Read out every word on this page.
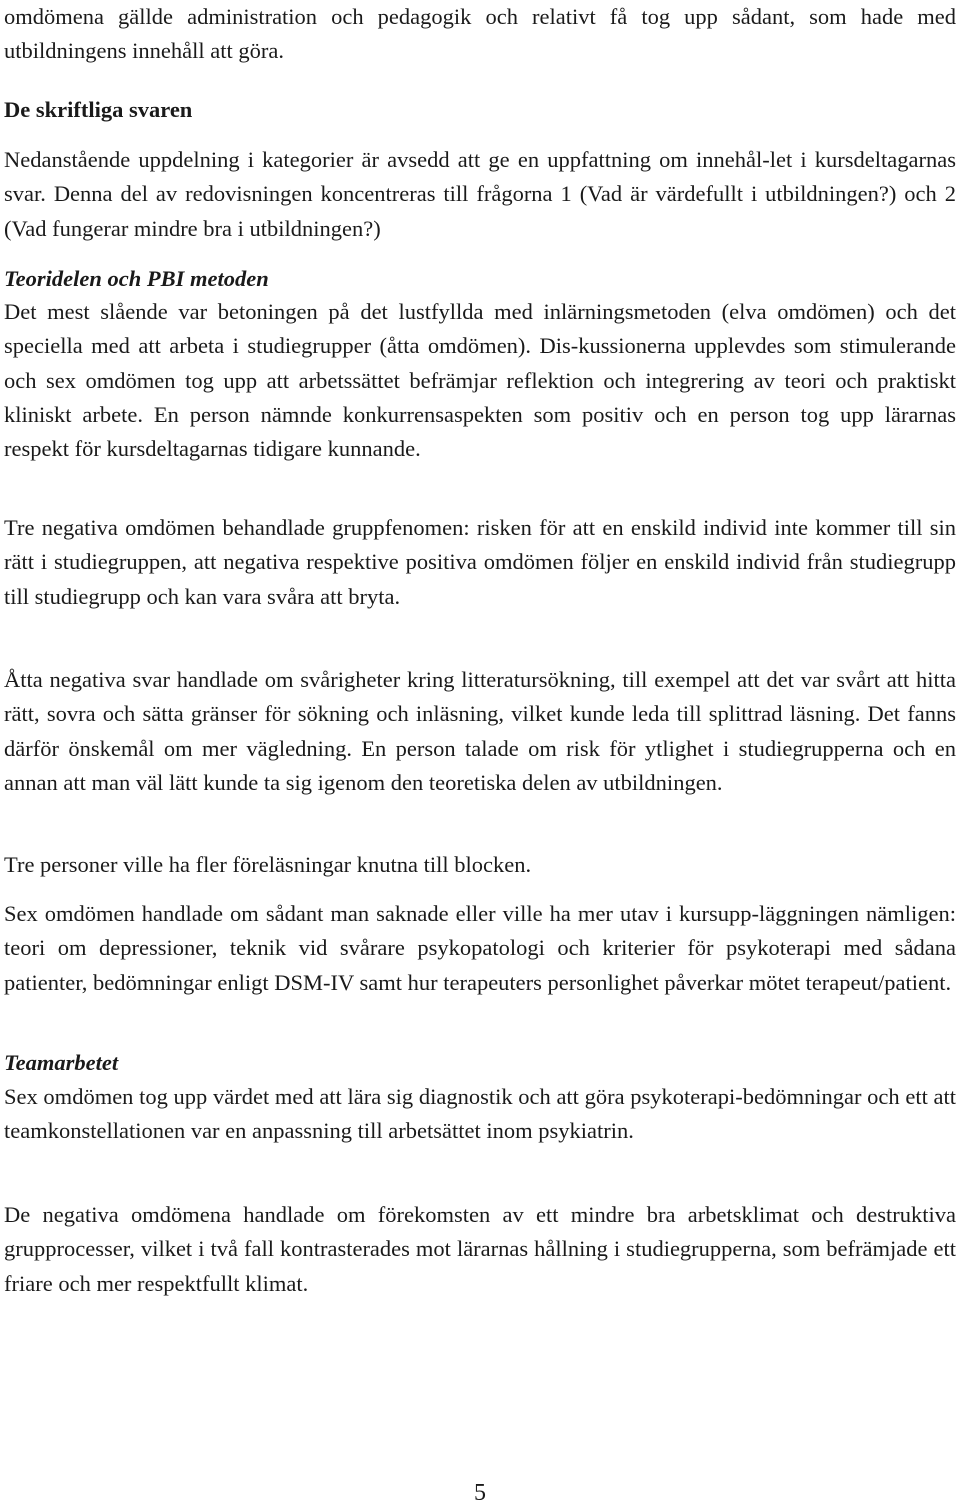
omdömena gällde administration och pedagogik och relativt få tog upp sådant, som hade med utbildningens innehåll att göra.

De skriftliga svaren

Nedanstående uppdelning i kategorier är avsedd att ge en uppfattning om innehål-let i kursdeltagarnas svar. Denna del av redovisningen koncentreras till frågorna 1 (Vad är värdefullt i utbildningen?) och 2 (Vad fungerar mindre bra i utbildningen?)

Teoridelen och PBI metoden

Det mest slående var betoningen på det lustfyllda med inlärningsmetoden (elva omdömen) och det speciella med att arbeta i studiegrupper (åtta omdömen). Dis-kussionerna upplevdes som stimulerande och sex omdömen tog upp att arbetssättet befrämjar reflektion och integrering av teori och praktiskt kliniskt arbete. En person nämnde konkurrensaspekten som positiv och en person tog upp lärarnas respekt för kursdeltagarnas tidigare kunnande.

Tre negativa omdömen behandlade gruppfenomen: risken för att en enskild individ inte kommer till sin rätt i studiegruppen, att negativa respektive positiva omdömen följer en enskild individ från studiegrupp till studiegrupp och kan vara svåra att bryta.

Åtta negativa svar handlade om svårigheter kring litteratursökning, till exempel att det var svårt att hitta rätt, sovra och sätta gränser för sökning och inläsning, vilket kunde leda till splittrad läsning. Det fanns därför önskemål om mer vägledning. En person talade om risk för ytlighet i studiegrupperna och en annan att man väl lätt kunde ta sig igenom den teoretiska delen av utbildningen.

Tre personer ville ha fler föreläsningar knutna till blocken.

Sex omdömen handlade om sådant man saknade eller ville ha mer utav i kursupp-läggningen nämligen: teori om depressioner, teknik vid svårare psykopatologi och kriterier för psykoterapi med sådana patienter, bedömningar enligt DSM-IV samt hur terapeuters personlighet påverkar mötet terapeut/patient.

Teamarbetet

Sex omdömen tog upp värdet med att lära sig diagnostik och att göra psykoterapi-bedömningar och ett att teamkonstellationen var en anpassning till arbetsättet inom psykiatrin.

De negativa omdömena handlade om förekomsten av ett mindre bra arbetsklimat och destruktiva grupprocesser, vilket i två fall kontrasterades mot lärarnas hållning i studiegrupperna, som befrämjade ett friare och mer respektfullt klimat.

5
